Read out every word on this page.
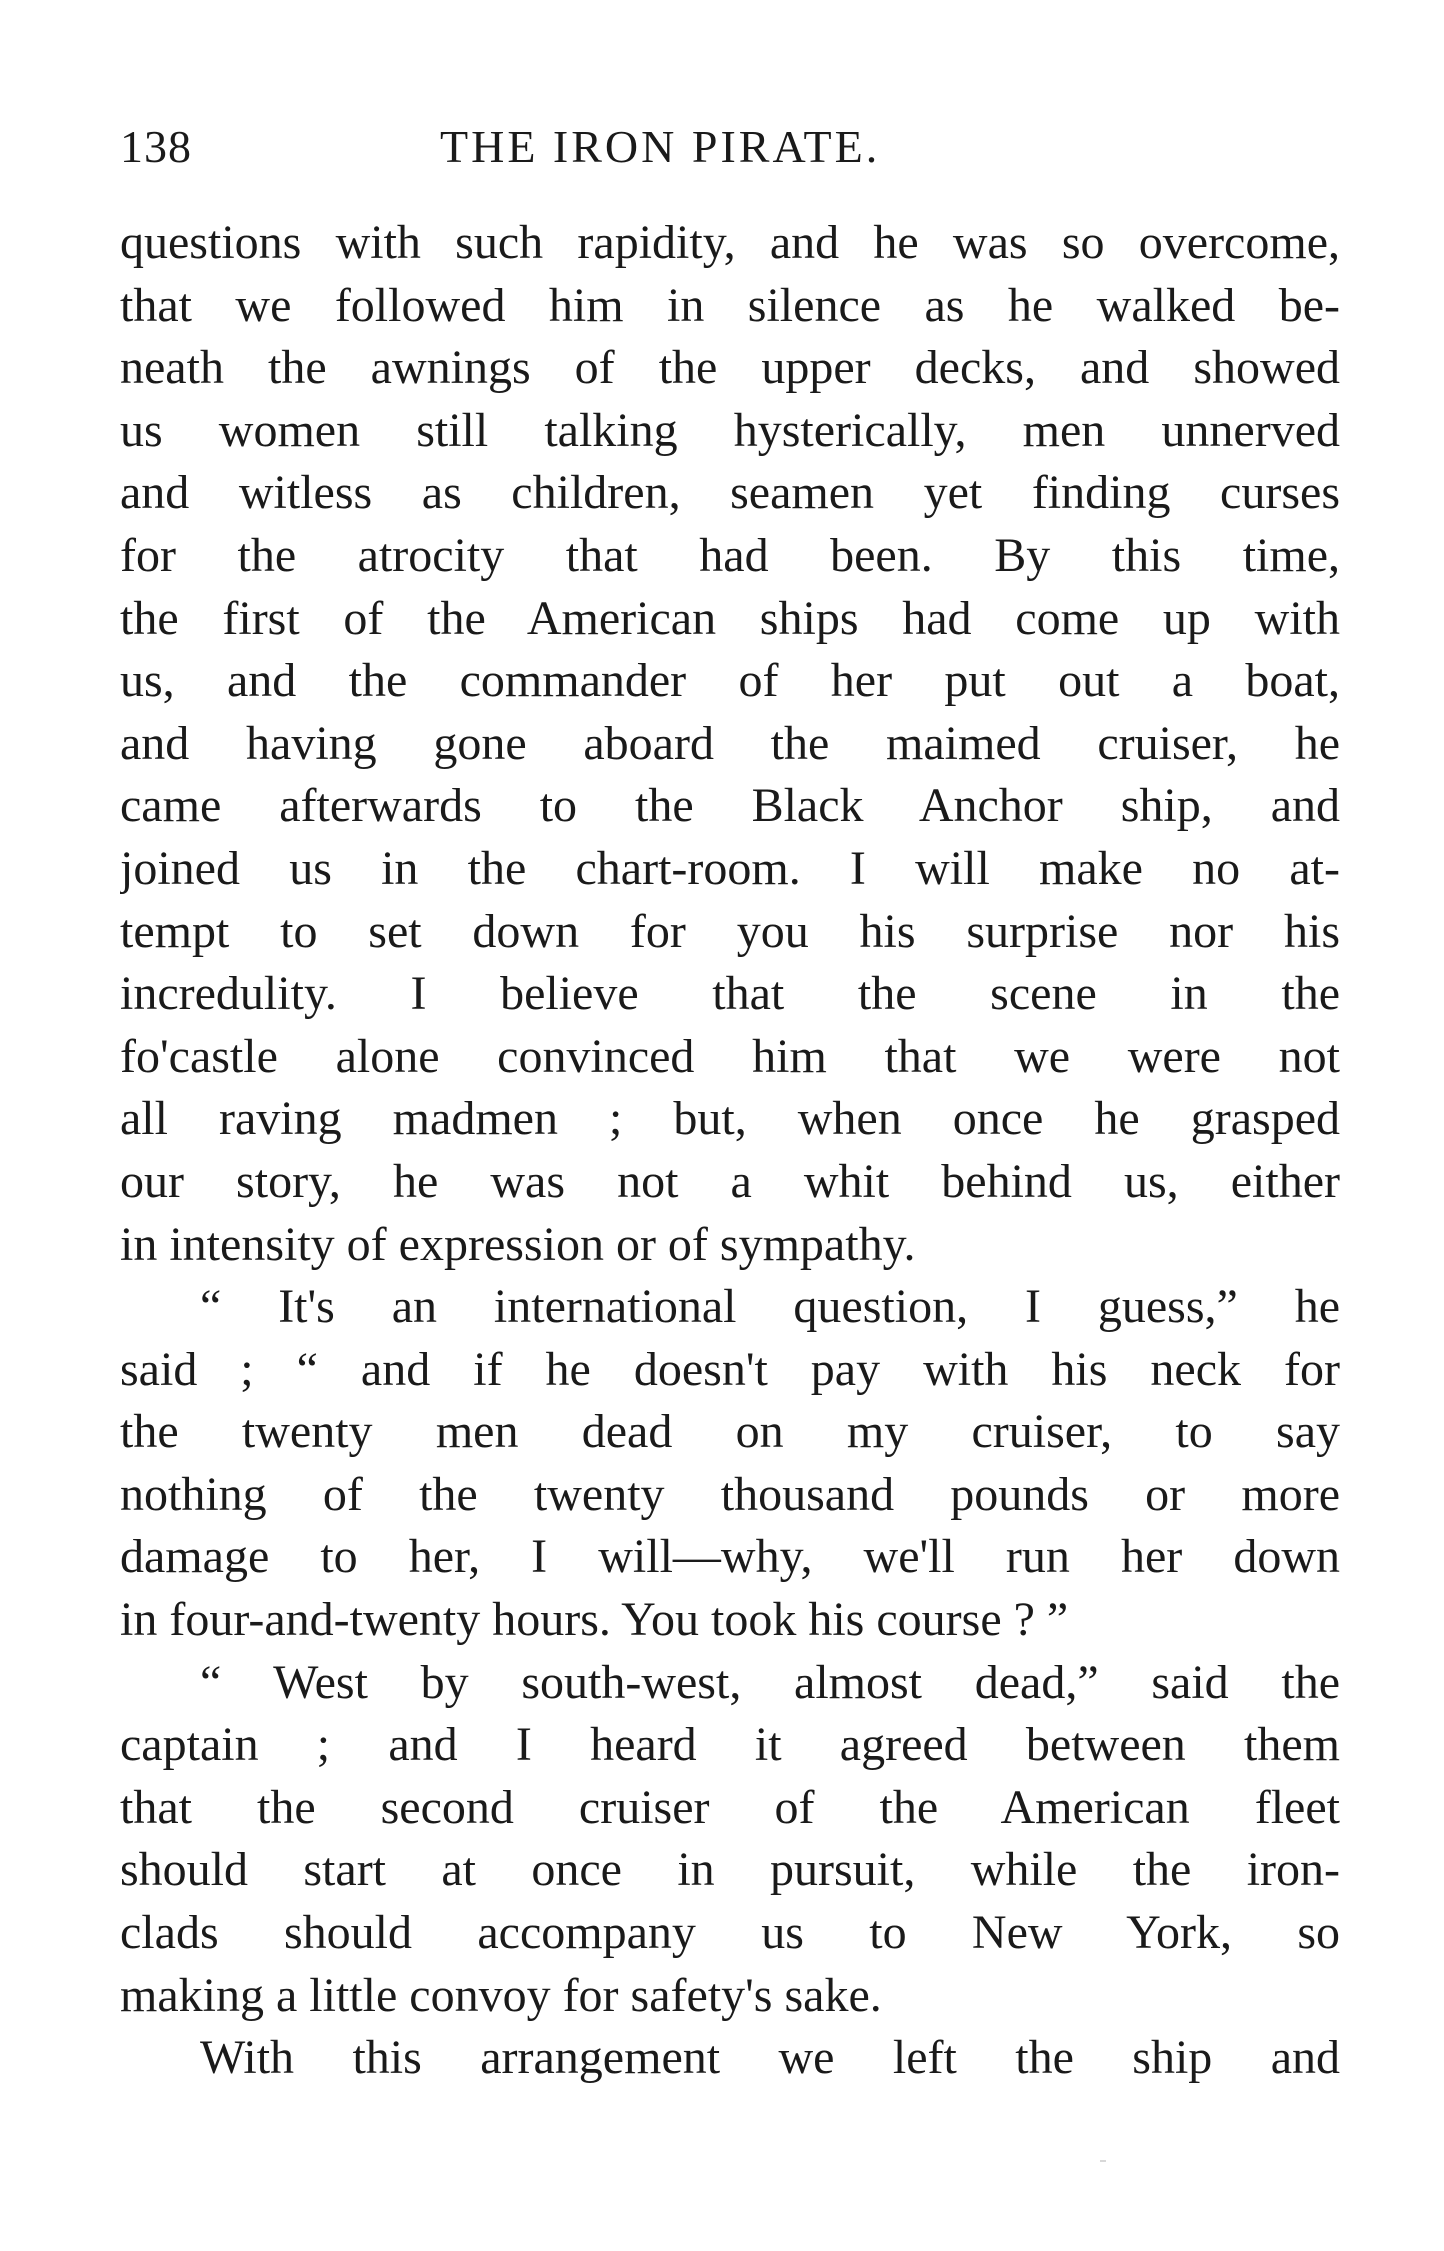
138	THE IRON PIRATE.
questions with such rapidity, and he was so overcome,
that we followed him in silence as he walked be-
neath the awnings of the upper decks, and showed
us women still talking hysterically, men unnerved
and witless as children, seamen yet finding curses
for the atrocity that had been. By this time,
the first of the American ships had come up with
us, and the commander of her put out a boat,
and having gone aboard the maimed cruiser, he
came afterwards to the Black Anchor ship, and
joined us in the chart-room. I will make no at-
tempt to set down for you his surprise nor his
incredulity. I believe that the scene in the
fo'castle alone convinced him that we were not
all raving madmen ; but, when once he grasped
our story, he was not a whit behind us, either
in intensity of expression or of sympathy.
“ It's an international question, I guess,” he
said ; “ and if he doesn't pay with his neck for
the twenty men dead on my cruiser, to say
nothing of the twenty thousand pounds or more
damage to her, I will—why, we'll run her down
in four-and-twenty hours. You took his course ? ”
“ West by south-west, almost dead,” said the
captain ; and I heard it agreed between them
that the second cruiser of the American fleet
should start at once in pursuit, while the iron-
clads should accompany us to New York, so
making a little convoy for safety's sake.
With this arrangement we left the ship and
